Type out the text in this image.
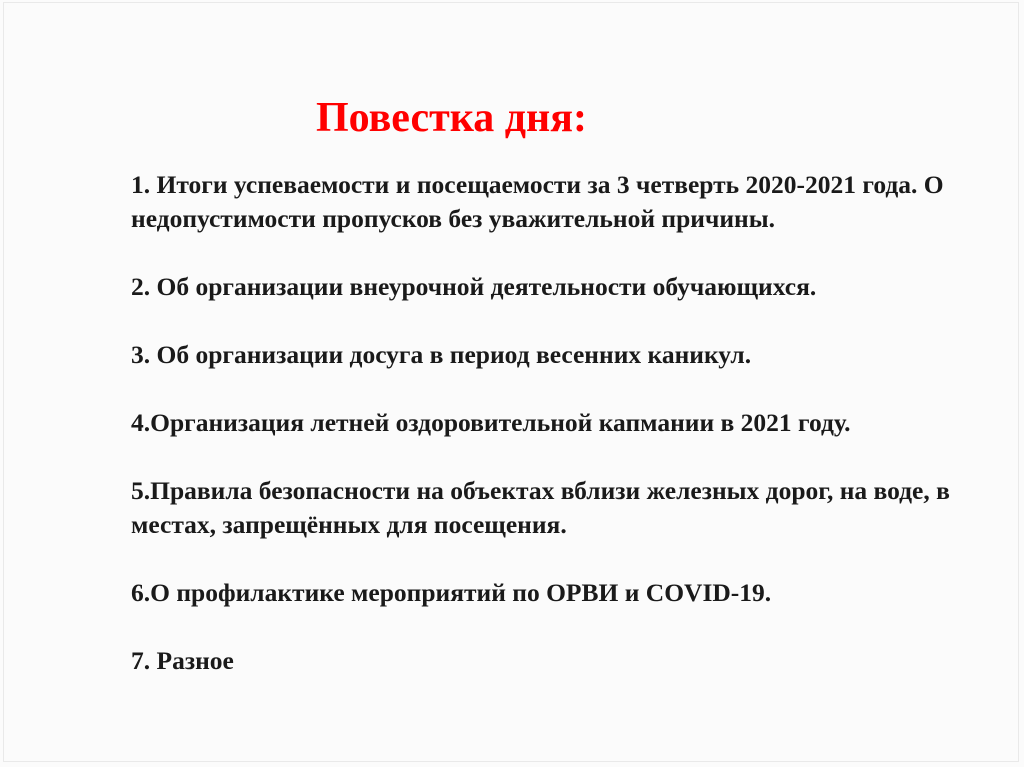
Повестка дня:
1. Итоги успеваемости и посещаемости за 3 четверть 2020-2021 года. О недопустимости пропусков без уважительной причины.
2. Об организации внеурочной деятельности обучающихся.
3. Об организации досуга в период весенних каникул.
4.Организация летней оздоровительной капмании в 2021 году.
5.Правила безопасности на объектах вблизи железных дорог, на воде, в местах, запрещённых для посещения.
6.О профилактике мероприятий по ОРВИ и COVID-19.
7. Разное
